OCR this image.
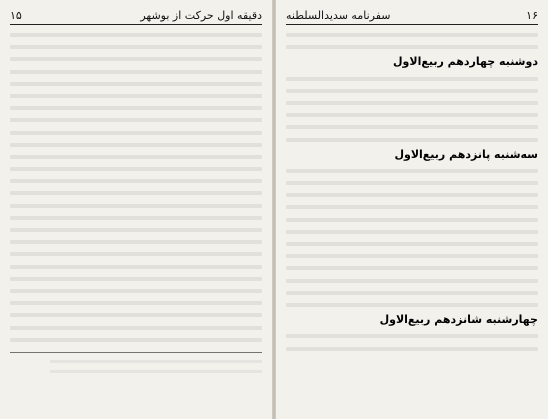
دقیقه اول حرکت از بوشهر
۱۵	۱۶
سفرنامه سدیدالسلطنه
دوشنبه چهاردهم ربیع‌الاول
سه‌شنبه پانزدهم ربیع‌الاول
چهارشنبه شانزدهم ربیع‌الاول
